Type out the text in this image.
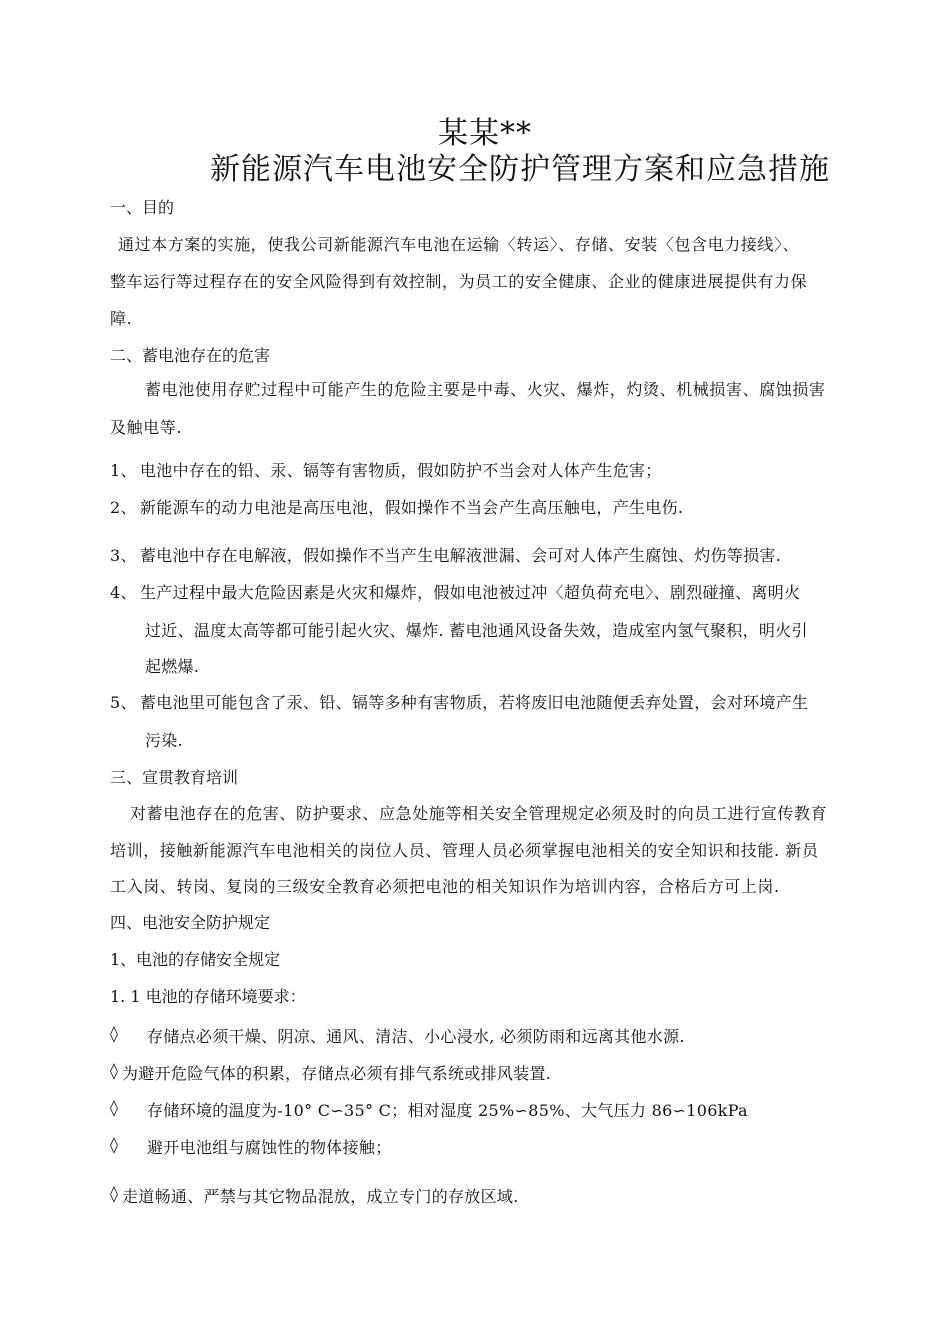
某某**
新能源汽车电池安全防护管理方案和应急措施
一、目的
通过本方案的实施，使我公司新能源汽车电池在运输〈转运〉、存储、安装〈包含电力接线〉、
整车运行等过程存在的安全风险得到有效控制，为员工的安全健康、企业的健康进展提供有力保
障.
二、蓄电池存在的危害
蓄电池使用存贮过程中可能产生的危险主要是中毒、火灾、爆炸，灼烫、机械损害、腐蚀损害
及触电等.
1、 电池中存在的铅、汞、镉等有害物质，假如防护不当会对人体产生危害；
2、 新能源车的动力电池是高压电池，假如操作不当会产生高压触电，产生电伤.
3、 蓄电池中存在电解液，假如操作不当产生电解液泄漏、会可对人体产生腐蚀、灼伤等损害.
4、 生产过程中最大危险因素是火灾和爆炸，假如电池被过冲〈超负荷充电〉、剧烈碰撞、离明火
过近、温度太高等都可能引起火灾、爆炸. 蓄电池通风设备失效，造成室内氢气聚积，明火引
起燃爆.
5、 蓄电池里可能包含了汞、铅、镉等多种有害物质，若将废旧电池随便丢弃处置，会对环境产生
污染.
三、宣贯教育培训
对蓄电池存在的危害、防护要求、应急处施等相关安全管理规定必须及时的向员工进行宣传教育
培训，接触新能源汽车电池相关的岗位人员、管理人员必须掌握电池相关的安全知识和技能. 新员
工入岗、转岗、复岗的三级安全教育必须把电池的相关知识作为培训内容，合格后方可上岗.
四、电池安全防护规定
1、电池的存储安全规定
1. 1 电池的存储环境要求：
◊ 存储点必须干燥、阴凉、通风、清洁、小心浸水, 必须防雨和远离其他水源.
◊ 为避开危险气体的积累，存储点必须有排气系统或排风装置.
◊ 存储环境的温度为-10° C∽35° C；相对湿度 25%∽85%、大气压力 86∽106kPa
◊ 避开电池组与腐蚀性的物体接触；
◊ 走道畅通、严禁与其它物品混放，成立专门的存放区域.
